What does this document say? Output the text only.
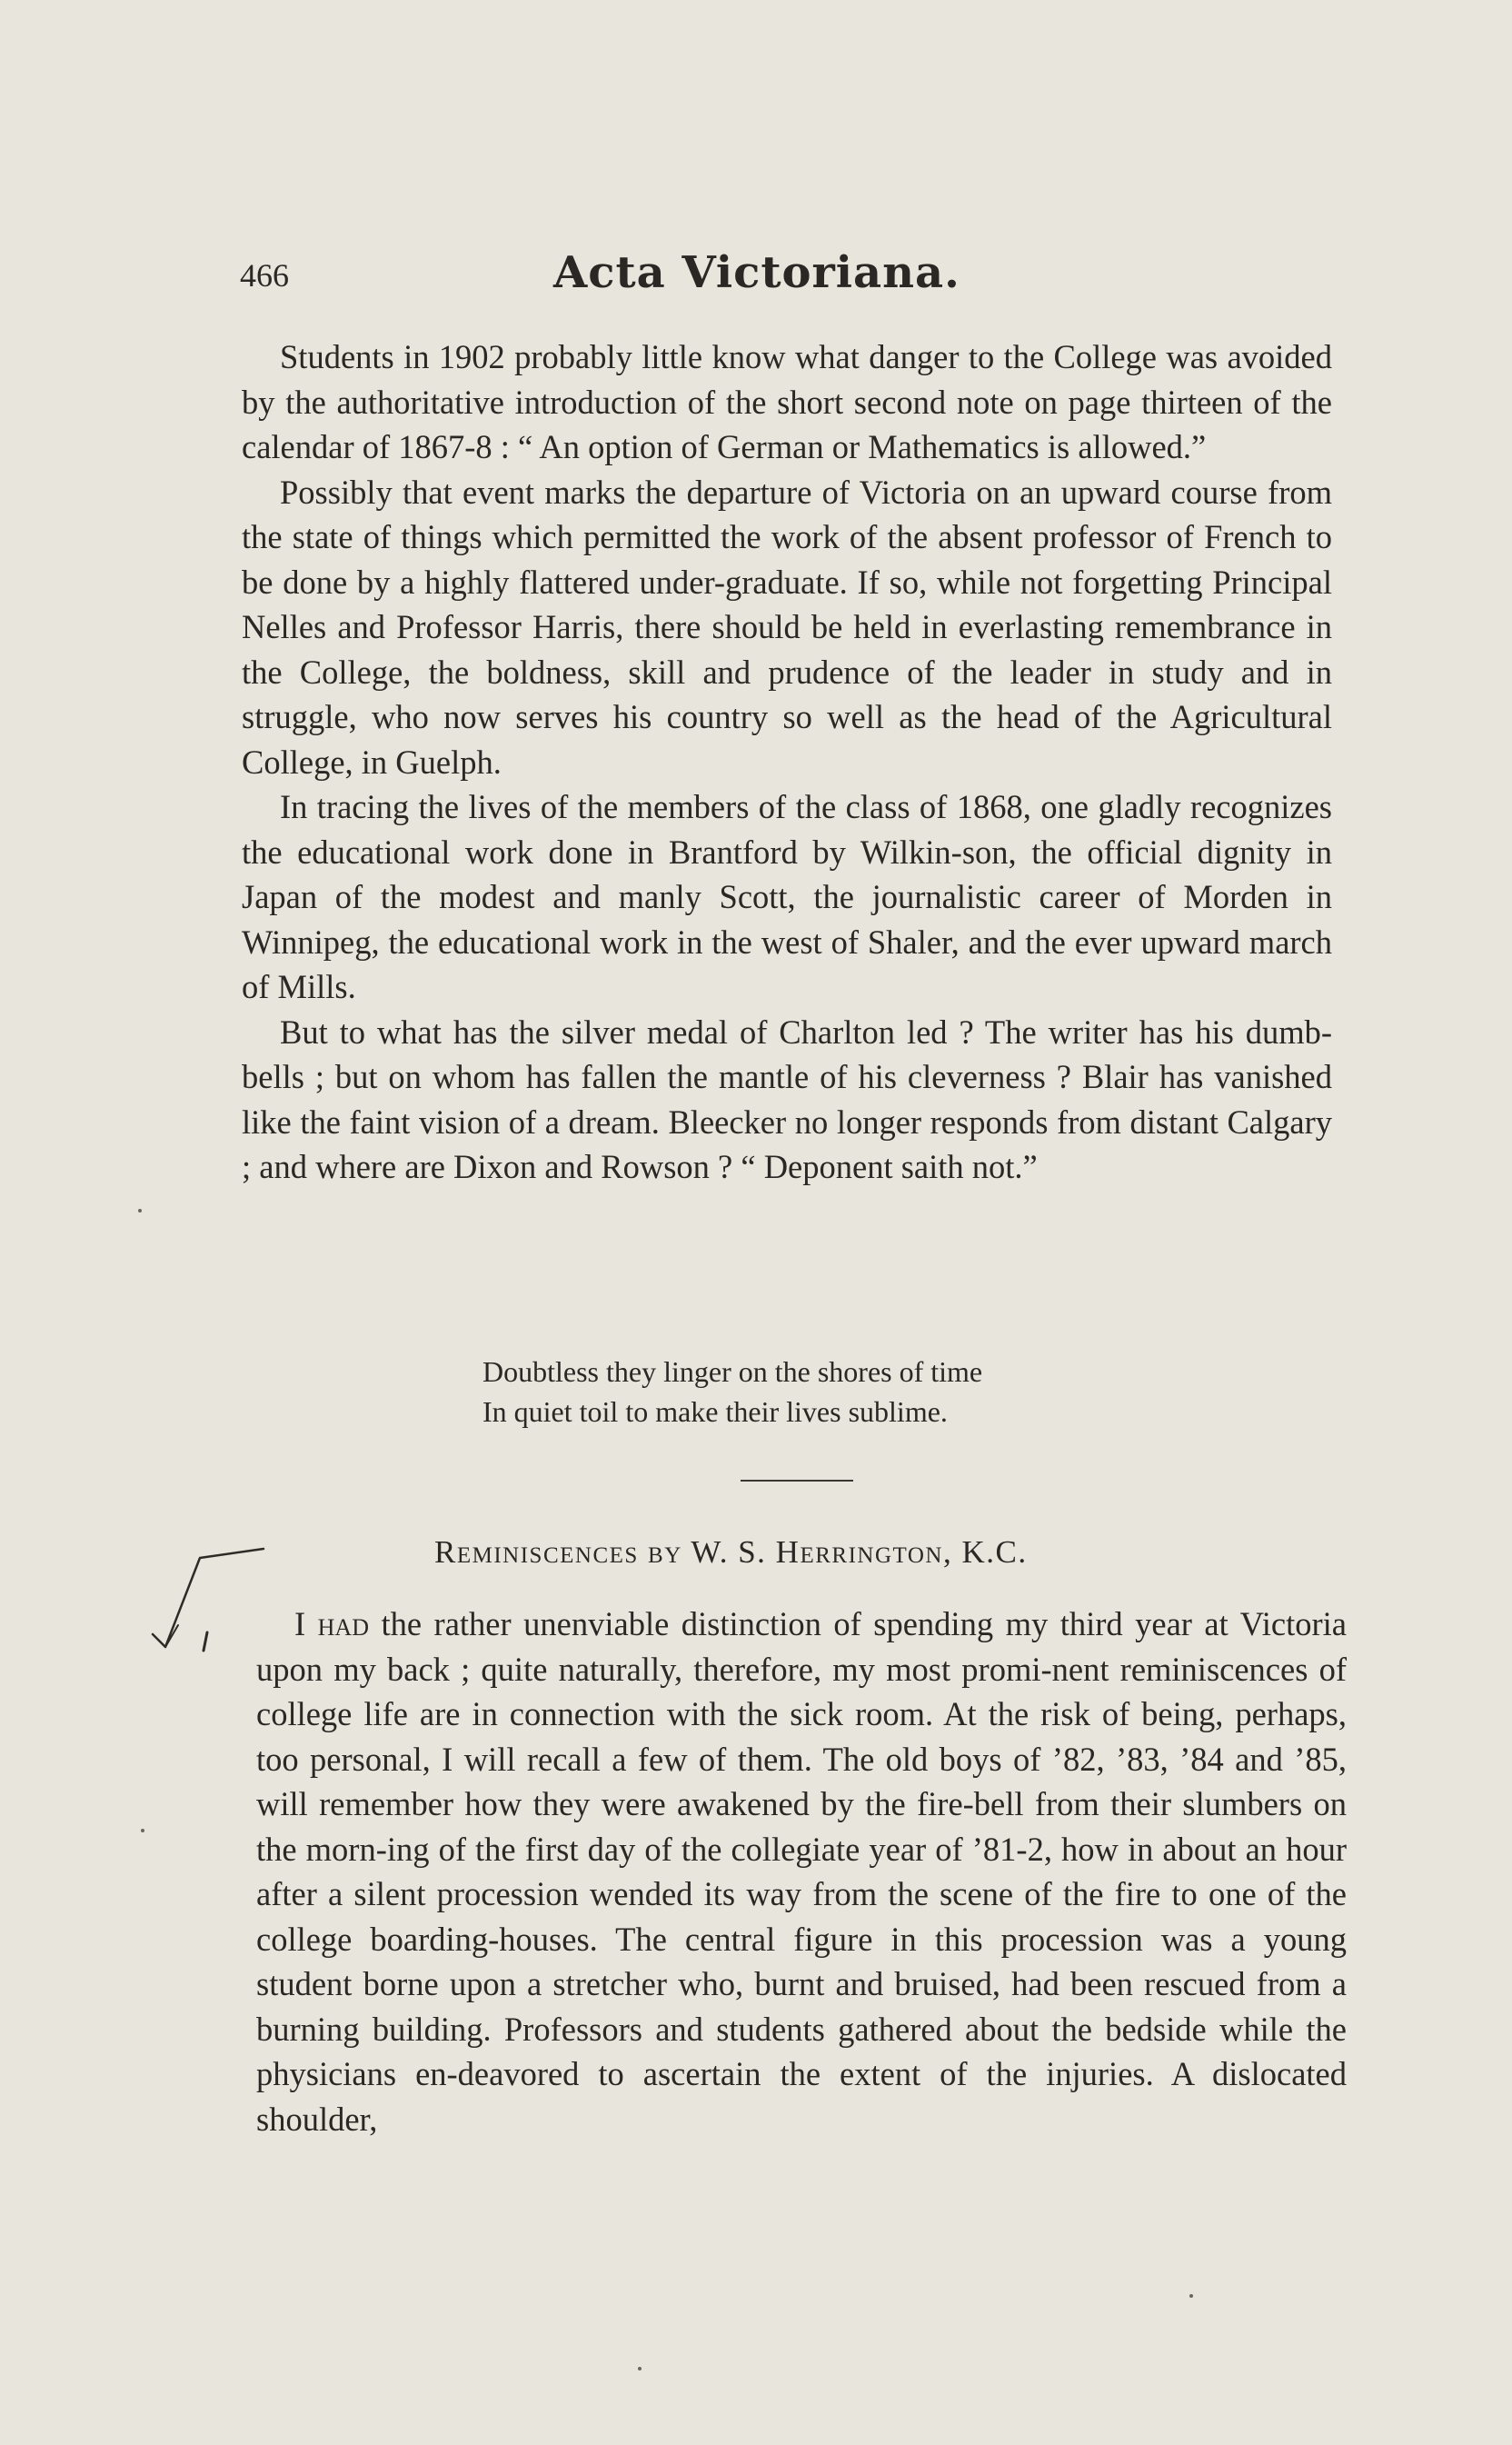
466	Acta Victoriana.

Students in 1902 probably little know what danger to the College was avoided by the authoritative introduction of the short second note on page thirteen of the calendar of 1867-8 : “ An option of German or Mathematics is allowed.”

Possibly that event marks the departure of Victoria on an upward course from the state of things which permitted the work of the absent professor of French to be done by a highly flattered under-graduate. If so, while not forgetting Principal Nelles and Professor Harris, there should be held in everlasting remembrance in the College, the boldness, skill and prudence of the leader in study and in struggle, who now serves his country so well as the head of the Agricultural College, in Guelph.

In tracing the lives of the members of the class of 1868, one gladly recognizes the educational work done in Brantford by Wilkin-son, the official dignity in Japan of the modest and manly Scott, the journalistic career of Morden in Winnipeg, the educational work in the west of Shaler, and the ever upward march of Mills.

But to what has the silver medal of Charlton led ? The writer has his dumb-bells ; but on whom has fallen the mantle of his cleverness ? Blair has vanished like the faint vision of a dream. Bleecker no longer responds from distant Calgary ; and where are Dixon and Rowson ? “ Deponent saith not.”

Doubtless they linger on the shores of time
In quiet toil to make their lives sublime.
Reminiscences by W. S. Herrington, K.C.

I had the rather unenviable distinction of spending my third year at Victoria upon my back ; quite naturally, therefore, my most promi-nent reminiscences of college life are in connection with the sick room. At the risk of being, perhaps, too personal, I will recall a few of them. The old boys of ’82, ’83, ’84 and ’85, will remember how they were awakened by the fire-bell from their slumbers on the morn-ing of the first day of the collegiate year of ’81-2, how in about an hour after a silent procession wended its way from the scene of the fire to one of the college boarding-houses. The central figure in this procession was a young student borne upon a stretcher who, burnt and bruised, had been rescued from a burning building. Professors and students gathered about the bedside while the physicians en-deavored to ascertain the extent of the injuries. A dislocated shoulder,
